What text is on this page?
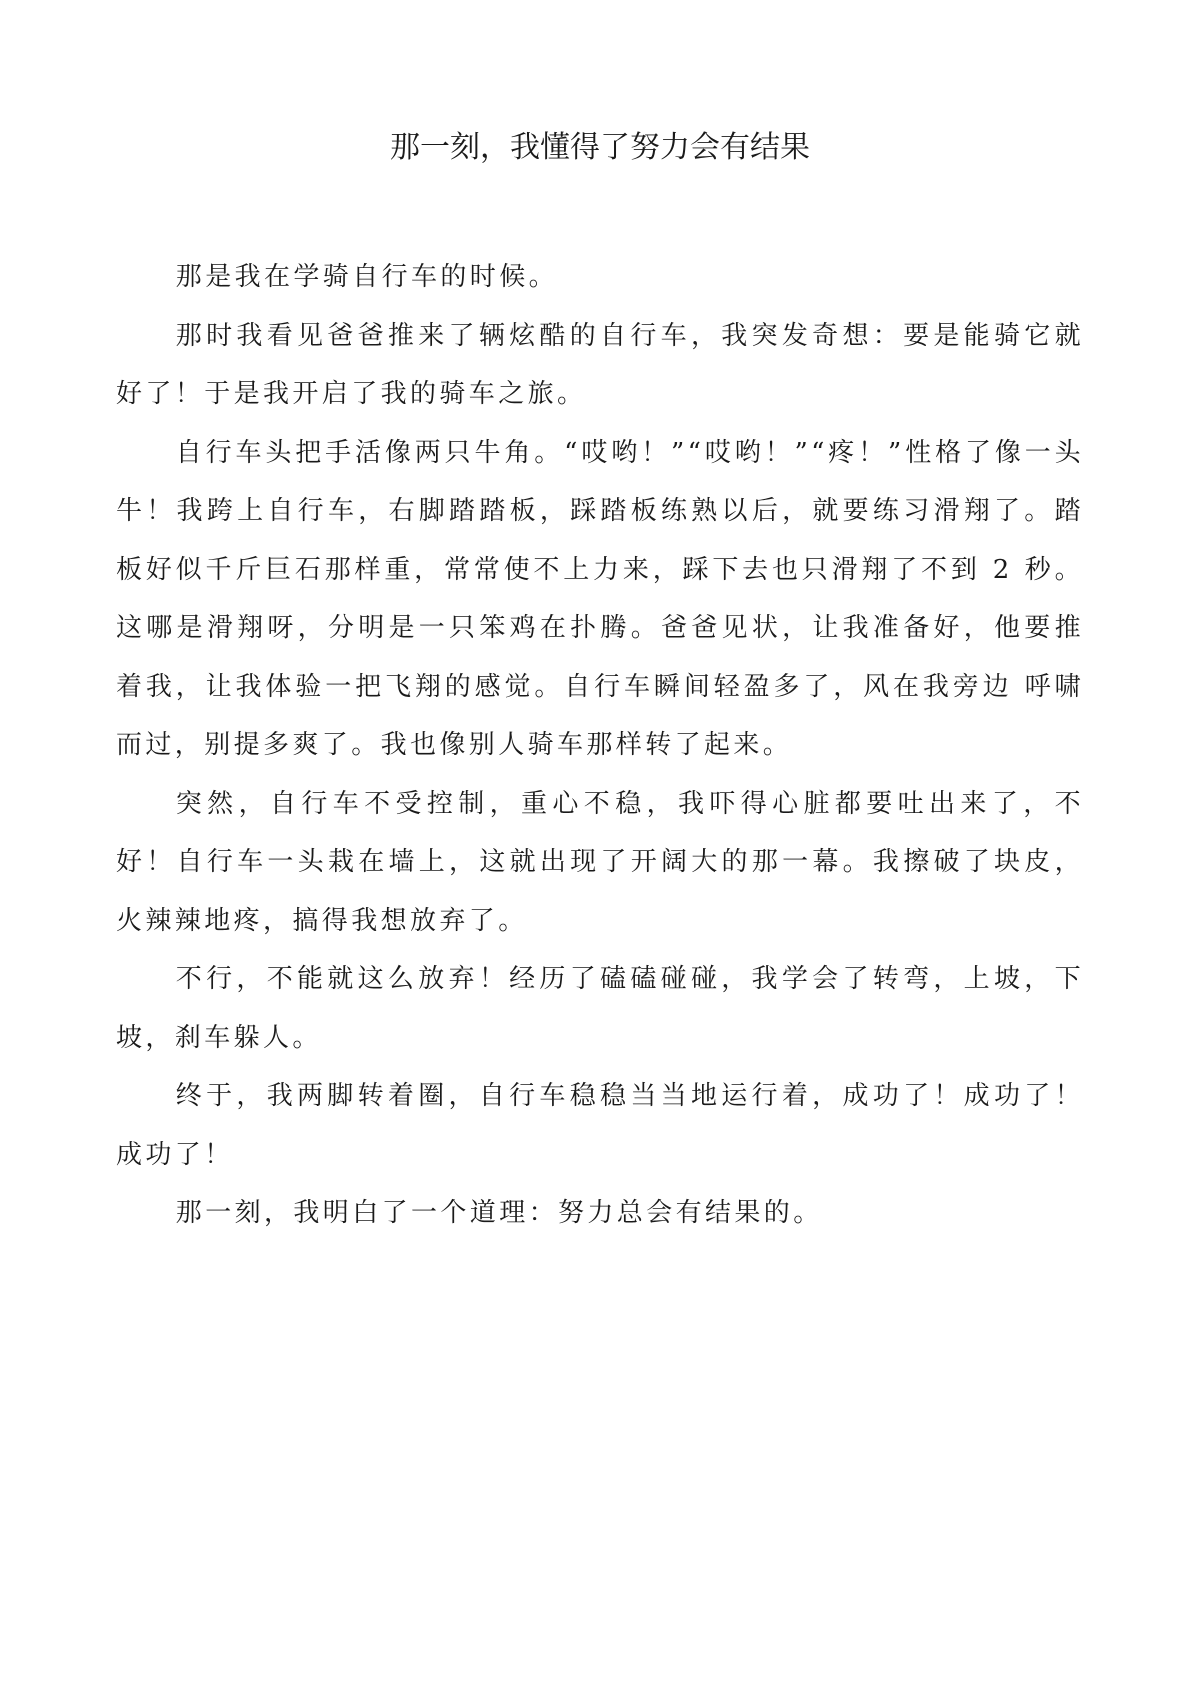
那一刻，我懂得了努力会有结果

那是我在学骑自行车的时候。

那时我看见爸爸推来了辆炫酷的自行车，我突发奇想：要是能骑它就好了！于是我开启了我的骑车之旅。

自行车头把手活像两只牛角。“哎哟！”“哎哟！”“疼！”性格了像一头牛！我跨上自行车，右脚踏踏板，踩踏板练熟以后，就要练习滑翔了。踏板好似千斤巨石那样重，常常使不上力来，踩下去也只滑翔了不到 2 秒。这哪是滑翔呀，分明是一只笨鸡在扑腾。爸爸见状，让我准备好，他要推着我，让我体验一把飞翔的感觉。自行车瞬间轻盈多了，风在我旁边 呼啸而过，别提多爽了。我也像别人骑车那样转了起来。

突然，自行车不受控制，重心不稳，我吓得心脏都要吐出来了，不好！自行车一头栽在墙上，这就出现了开阔大的那一幕。我擦破了块皮，火辣辣地疼，搞得我想放弃了。

不行，不能就这么放弃！经历了磕磕碰碰，我学会了转弯，上坡，下坡，刹车躲人。

终于，我两脚转着圈，自行车稳稳当当地运行着，成功了！成功了！成功了！

那一刻，我明白了一个道理：努力总会有结果的。
